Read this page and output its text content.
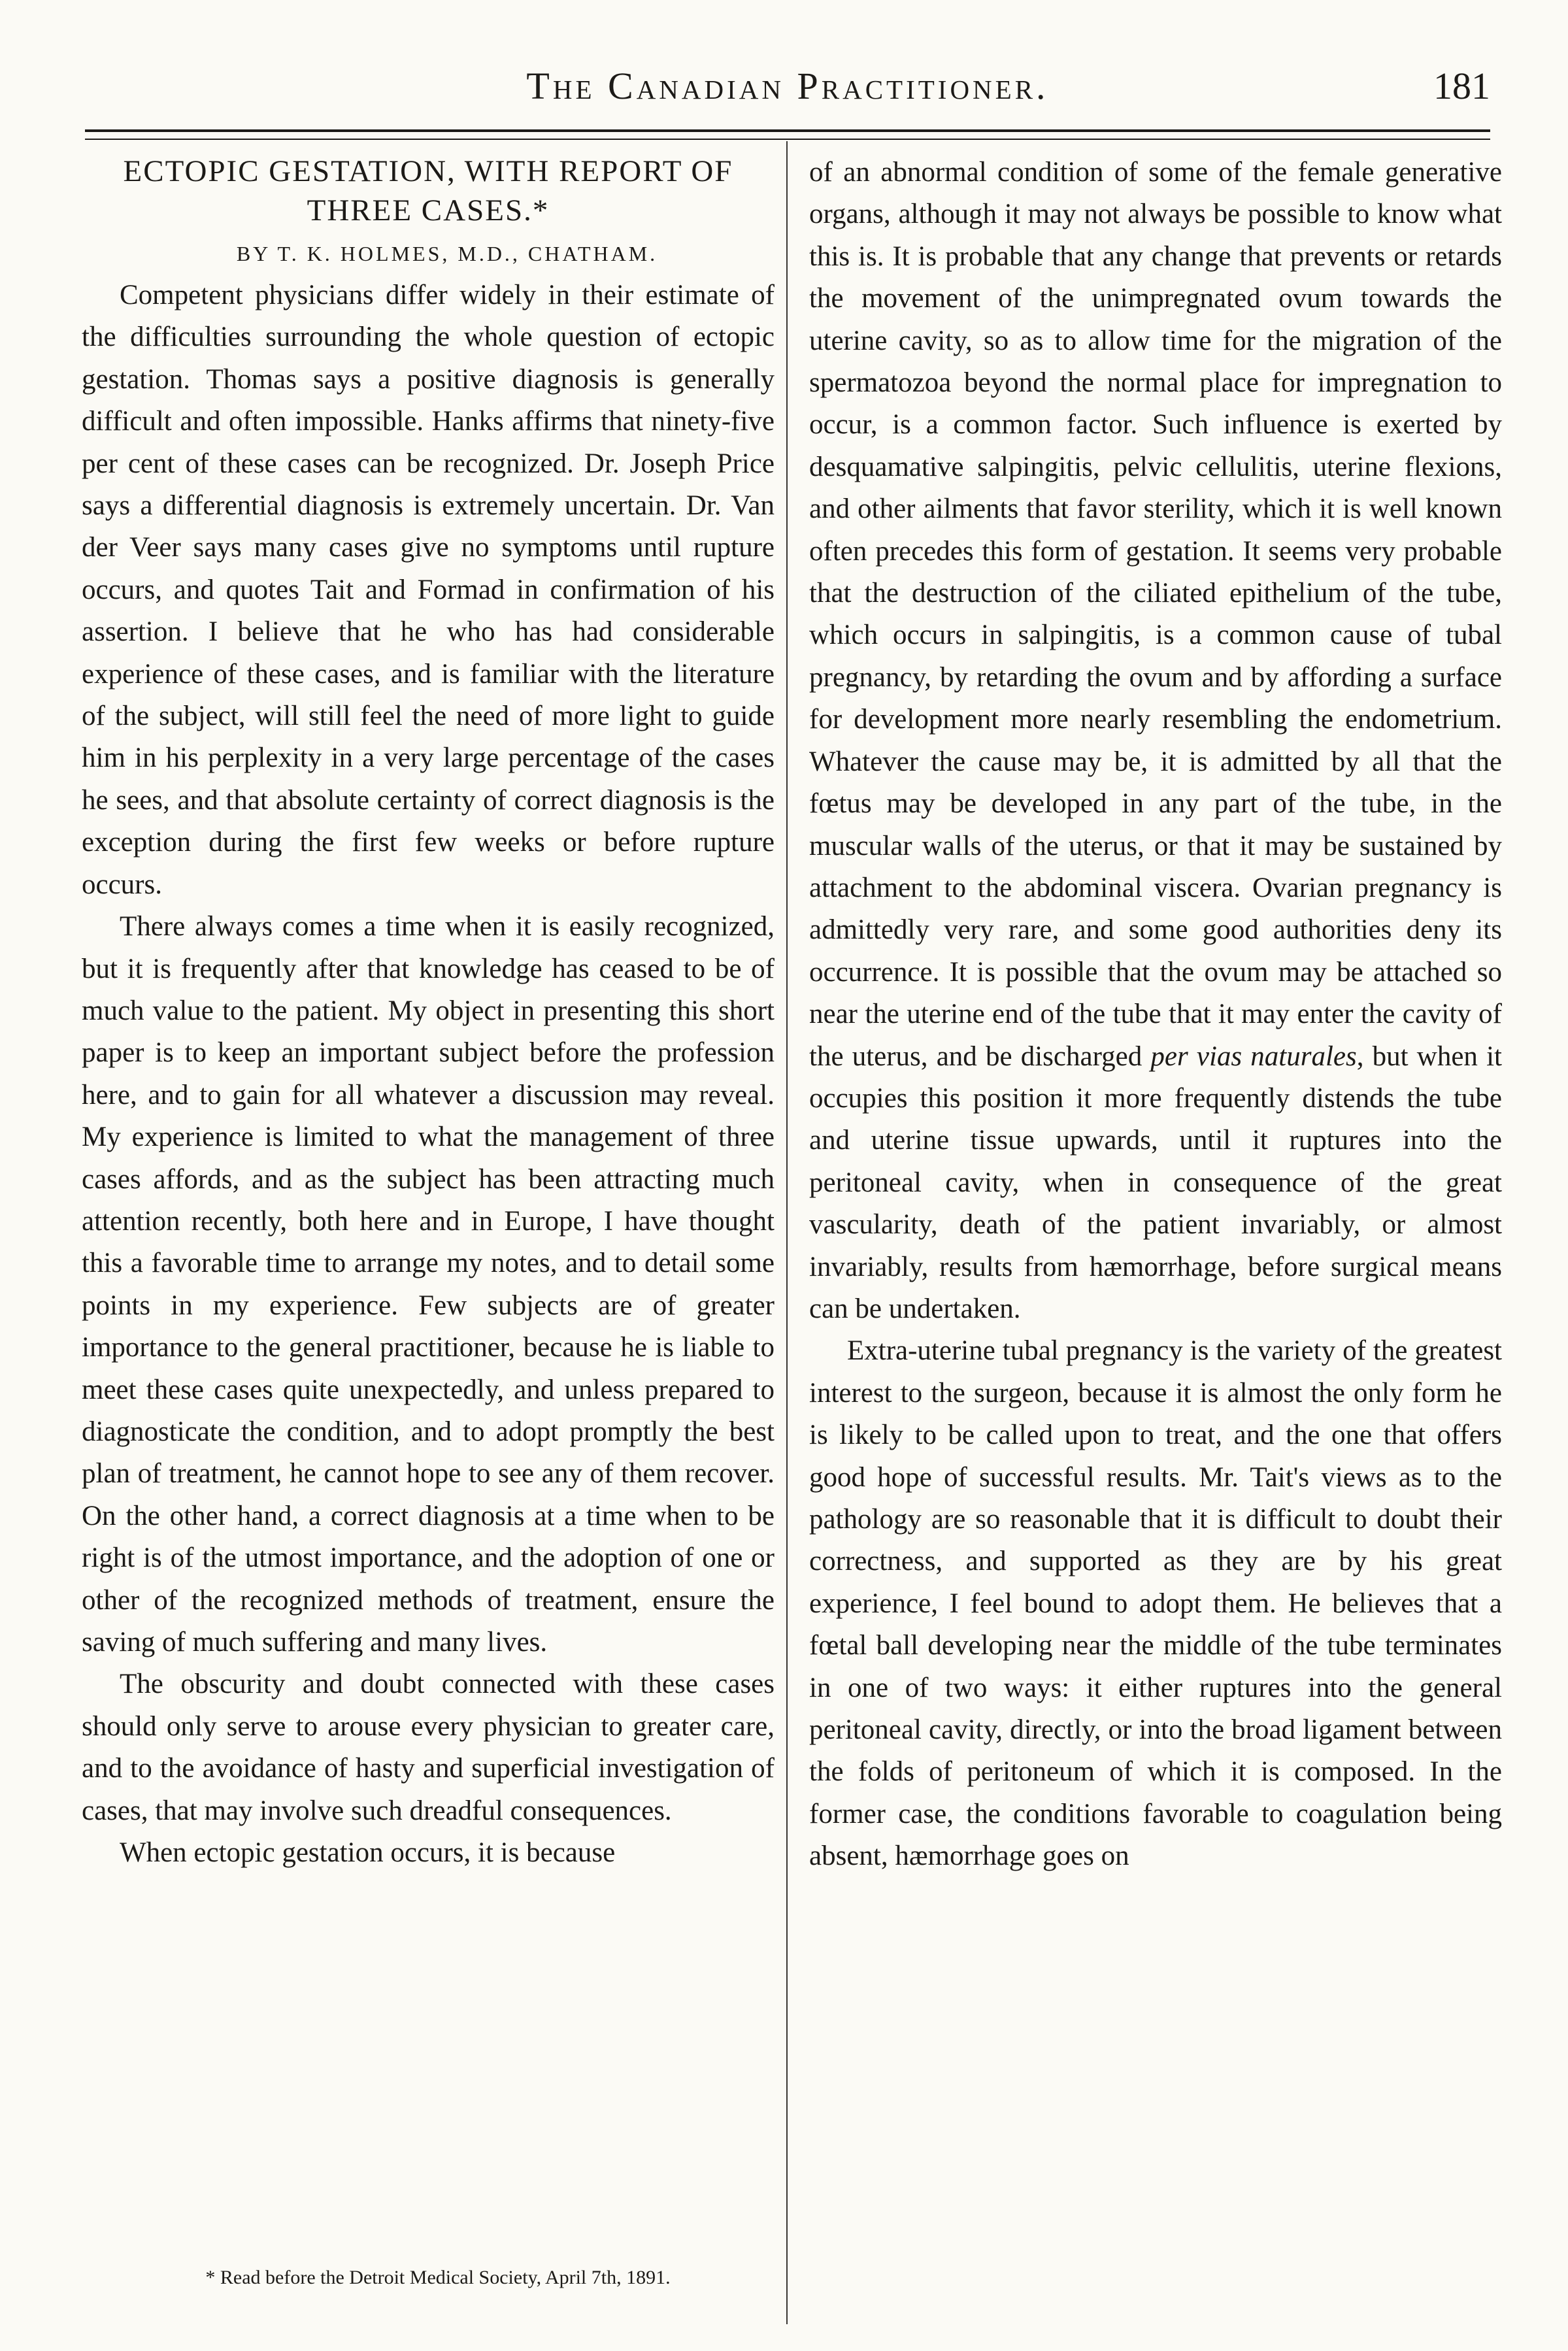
The Canadian Practitioner.	181
ECTOPIC GESTATION, WITH REPORT OF THREE CASES.*

BY T. K. HOLMES, M.D., CHATHAM.

Competent physicians differ widely in their estimate of the difficulties surrounding the whole question of ectopic gestation. Thomas says a positive diagnosis is generally difficult and often impossible. Hanks affirms that ninety-five per cent of these cases can be recognized. Dr. Joseph Price says a differential diagnosis is extremely uncertain. Dr. Van der Veer says many cases give no symptoms until rupture occurs, and quotes Tait and Formad in confirmation of his assertion. I believe that he who has had considerable experience of these cases, and is familiar with the literature of the subject, will still feel the need of more light to guide him in his perplexity in a very large percentage of the cases he sees, and that absolute certainty of correct diagnosis is the exception during the first few weeks or before rupture occurs.

There always comes a time when it is easily recognized, but it is frequently after that knowledge has ceased to be of much value to the patient. My object in presenting this short paper is to keep an important subject before the profession here, and to gain for all whatever a discussion may reveal. My experience is limited to what the management of three cases affords, and as the subject has been attracting much attention recently, both here and in Europe, I have thought this a favorable time to arrange my notes, and to detail some points in my experience. Few subjects are of greater importance to the general practitioner, because he is liable to meet these cases quite unexpectedly, and unless prepared to diagnosticate the condition, and to adopt promptly the best plan of treatment, he cannot hope to see any of them recover. On the other hand, a correct diagnosis at a time when to be right is of the utmost importance, and the adoption of one or other of the recognized methods of treatment, ensure the saving of much suffering and many lives.

The obscurity and doubt connected with these cases should only serve to arouse every physician to greater care, and to the avoidance of hasty and superficial investigation of cases, that may involve such dreadful consequences.

When ectopic gestation occurs, it is because

of an abnormal condition of some of the female generative organs, although it may not always be possible to know what this is. It is probable that any change that prevents or retards the movement of the unimpregnated ovum towards the uterine cavity, so as to allow time for the migration of the spermatozoa beyond the normal place for impregnation to occur, is a common factor. Such influence is exerted by desquamative salpingitis, pelvic cellulitis, uterine flexions, and other ailments that favor sterility, which it is well known often precedes this form of gestation. It seems very probable that the destruction of the ciliated epithelium of the tube, which occurs in salpingitis, is a common cause of tubal pregnancy, by retarding the ovum and by affording a surface for development more nearly resembling the endometrium. Whatever the cause may be, it is admitted by all that the fœtus may be developed in any part of the tube, in the muscular walls of the uterus, or that it may be sustained by attachment to the abdominal viscera. Ovarian pregnancy is admittedly very rare, and some good authorities deny its occurrence. It is possible that the ovum may be attached so near the uterine end of the tube that it may enter the cavity of the uterus, and be discharged per vias naturales, but when it occupies this position it more frequently distends the tube and uterine tissue upwards, until it ruptures into the peritoneal cavity, when in consequence of the great vascularity, death of the patient invariably, or almost invariably, results from hæmorrhage, before surgical means can be undertaken.

Extra-uterine tubal pregnancy is the variety of the greatest interest to the surgeon, because it is almost the only form he is likely to be called upon to treat, and the one that offers good hope of successful results. Mr. Tait's views as to the pathology are so reasonable that it is difficult to doubt their correctness, and supported as they are by his great experience, I feel bound to adopt them. He believes that a fœtal ball developing near the middle of the tube terminates in one of two ways: it either ruptures into the general peritoneal cavity, directly, or into the broad ligament between the folds of peritoneum of which it is composed. In the former case, the conditions favorable to coagulation being absent, hæmorrhage goes on

* Read before the Detroit Medical Society, April 7th, 1891.
